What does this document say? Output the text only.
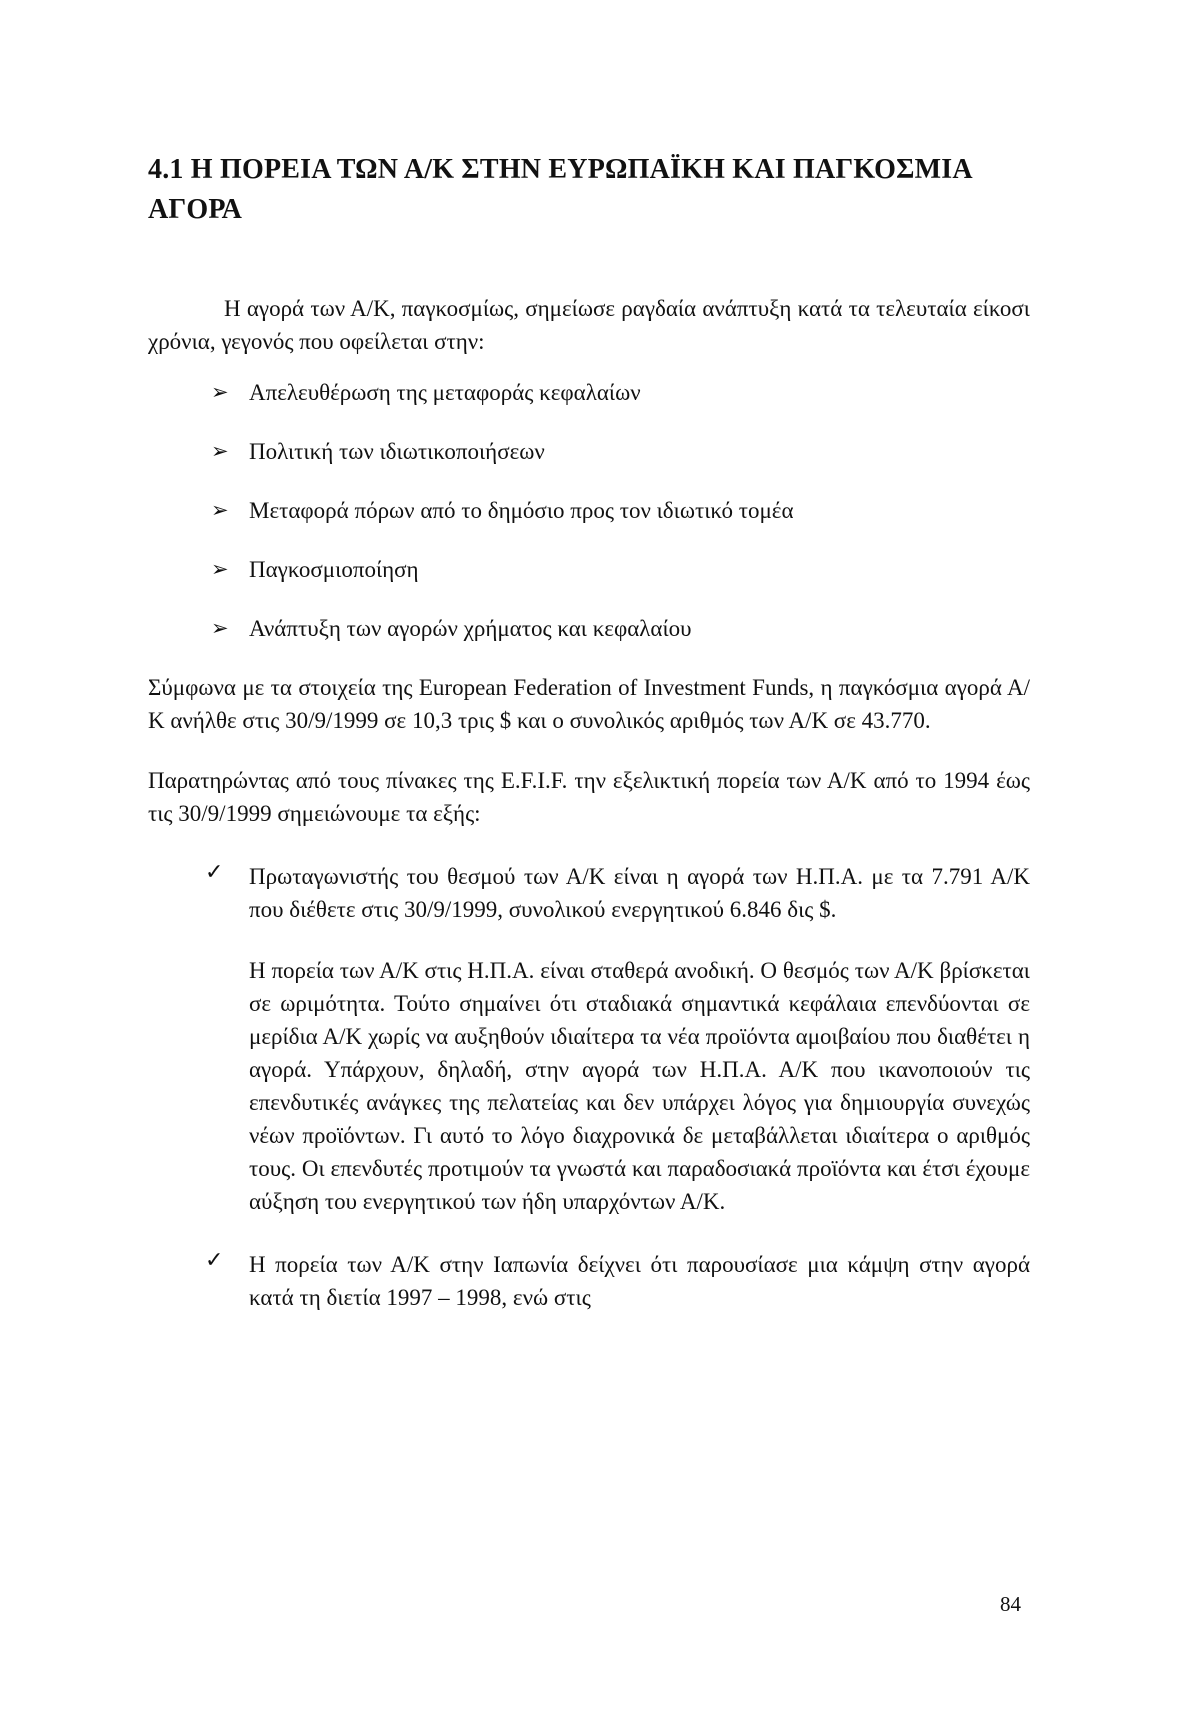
4.1 Η ΠΟΡΕΙΑ ΤΩΝ Α/Κ ΣΤΗΝ ΕΥΡΩΠΑΪΚΗ ΚΑΙ ΠΑΓΚΟΣΜΙΑ ΑΓΟΡΑ

Η αγορά των Α/Κ, παγκοσμίως, σημείωσε ραγδαία ανάπτυξη κατά τα τελευταία είκοσι χρόνια, γεγονός που οφείλεται στην:

➢ Απελευθέρωση της μεταφοράς κεφαλαίων
➢ Πολιτική των ιδιωτικοποιήσεων
➢ Μεταφορά πόρων από το δημόσιο προς τον ιδιωτικό τομέα
➢ Παγκοσμιοποίηση
➢ Ανάπτυξη των αγορών χρήματος και κεφαλαίου

Σύμφωνα με τα στοιχεία της European Federation of Investment Funds, η παγκόσμια αγορά Α/Κ ανήλθε στις 30/9/1999 σε 10,3 τρις $ και ο συνολικός αριθμός των Α/Κ σε 43.770.

Παρατηρώντας από τους πίνακες της E.F.I.F. την εξελικτική πορεία των Α/Κ από το 1994 έως τις 30/9/1999 σημειώνουμε τα εξής:

✓ Πρωταγωνιστής του θεσμού των Α/Κ είναι η αγορά των Η.Π.Α. με τα 7.791 Α/Κ που διέθετε στις 30/9/1999, συνολικού ενεργητικού 6.846 δις $.

Η πορεία των Α/Κ στις Η.Π.Α. είναι σταθερά ανοδική. Ο θεσμός των Α/Κ βρίσκεται σε ωριμότητα. Τούτο σημαίνει ότι σταδιακά σημαντικά κεφάλαια επενδύονται σε μερίδια Α/Κ χωρίς να αυξηθούν ιδιαίτερα τα νέα προϊόντα αμοιβαίου που διαθέτει η αγορά. Υπάρχουν, δηλαδή, στην αγορά των Η.Π.Α. Α/Κ που ικανοποιούν τις επενδυτικές ανάγκες της πελατείας και δεν υπάρχει λόγος για δημιουργία συνεχώς νέων προϊόντων. Γι αυτό το λόγο διαχρονικά δε μεταβάλλεται ιδιαίτερα ο αριθμός τους. Οι επενδυτές προτιμούν τα γνωστά και παραδοσιακά προϊόντα και έτσι έχουμε αύξηση του ενεργητικού των ήδη υπαρχόντων Α/Κ.

✓ Η πορεία των Α/Κ στην Ιαπωνία δείχνει ότι παρουσίασε μια κάμψη στην αγορά κατά τη διετία 1997 – 1998, ενώ στις

84
